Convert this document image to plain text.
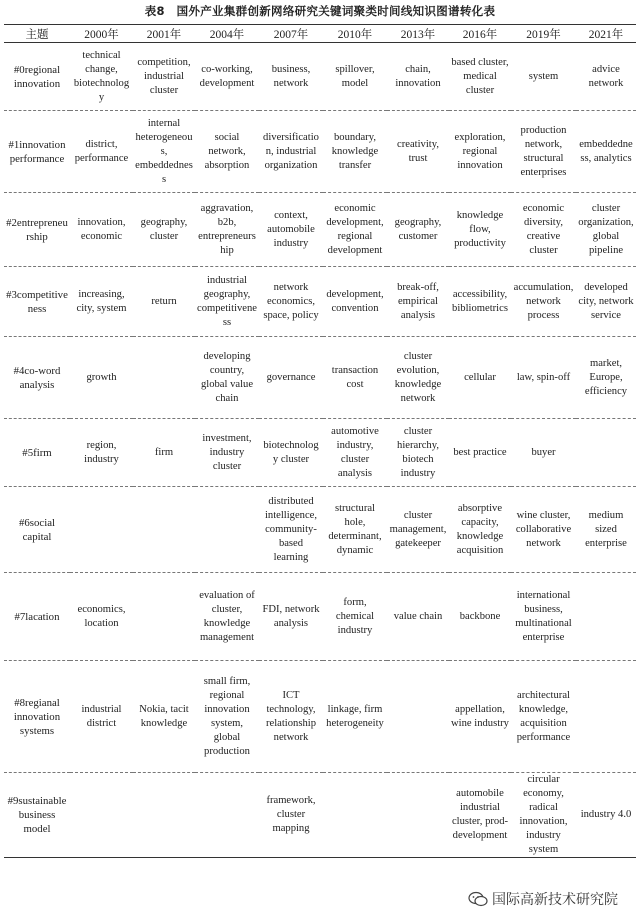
表8　国外产业集群创新网络研究关键词聚类时间线知识图谱转化表
主题	2000年	2001年	2004年	2007年	2010年	2013年	2016年	2019年	2021年
#0regional innovation	technical change, biotechnology	competition, industrial cluster	co-working, development	business, network	spillover, model	chain, innovation	based cluster, medical cluster	system	advice network
#1innovation performance	district, performance	internal heterogeneous, embeddedness	social network, absorption	diversification, industrial organization	boundary, knowledge transfer	creativity, trust	exploration, regional innovation	production network, structural enterprises	embeddedness, analytics
#2entrepreneurship	innovation, economic	geography, cluster	aggravation, b2b, entrepreneurship	context, automobile industry	economic development, regional development	geography, customer	knowledge flow, productivity	economic diversity, creative cluster	cluster organization, global pipeline
#3competitiveness	increasing, city, system	return	industrial geography, competitiveness	network economics, space, policy	development, convention	break-off, empirical analysis	accessibility, bibliometrics	accumulation, network process	developed city, network service
#4co-word analysis	growth		developing country, global value chain	governance	transaction cost	cluster evolution, knowledge network	cellular	law, spin-off	market, Europe, efficiency
#5firm	region, industry	firm	investment, industry cluster	biotechnology cluster	automotive industry, cluster analysis	cluster hierarchy, biotech industry	best practice	buyer	
#6social capital				distributed intelligence, community-based learning	structural hole, determinant, dynamic	cluster management, gatekeeper	absorptive capacity, knowledge acquisition	wine cluster, collaborative network	medium sized enterprise
#7lacation	economics, location		evaluation of cluster, knowledge management	FDI, network analysis	form, chemical industry	value chain	backbone	international business, multinational enterprise	
#8regianal innovation systems	industrial district	Nokia, tacit knowledge	small firm, regional innovation system, global production	ICT technology, relationship network	linkage, firm heterogeneity		appellation, wine industry	architectural knowledge, acquisition performance	
#9sustainable business model				framework, cluster mapping			automobile industrial cluster, prod-development	circular economy, radical innovation, industry system	industry 4.0
国际高新技术研究院
